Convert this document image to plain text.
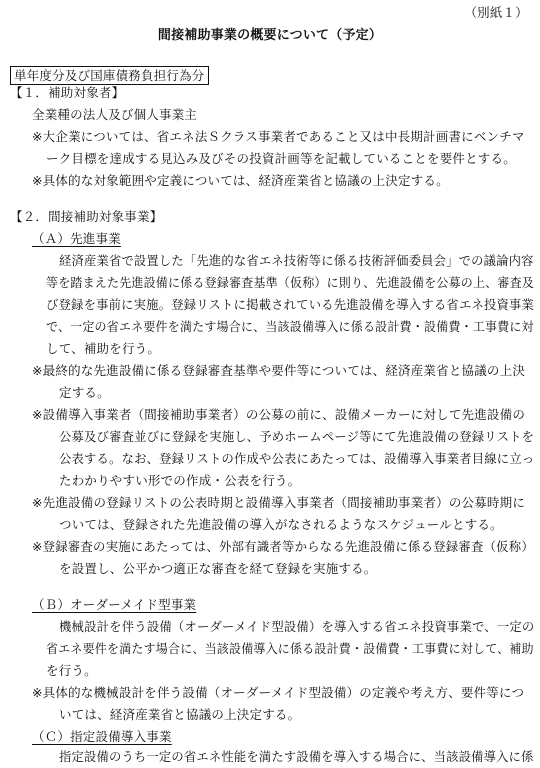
（別紙１）
間接補助事業の概要について（予定）
単年度分及び国庫債務負担行為分
【１．補助対象者】
全業種の法人及び個人事業主
※大企業については、省エネ法Ｓクラス事業者であること又は中長期計画書にベンチマ
ーク目標を達成する見込み及びその投資計画等を記載していることを要件とする。
※具体的な対象範囲や定義については、経済産業省と協議の上決定する。
【２．間接補助対象事業】
（Ａ）先進事業
経済産業省で設置した「先進的な省エネ技術等に係る技術評価委員会」での議論内容
等を踏まえた先進設備に係る登録審査基準（仮称）に則り、先進設備を公募の上、審査及
び登録を事前に実施。登録リストに掲載されている先進設備を導入する省エネ投資事業
で、一定の省エネ要件を満たす場合に、当該設備導入に係る設計費・設備費・工事費に対
して、補助を行う。
※最終的な先進設備に係る登録審査基準や要件等については、経済産業省と協議の上決
定する。
※設備導入事業者（間接補助事業者）の公募の前に、設備メーカーに対して先進設備の
公募及び審査並びに登録を実施し、予めホームページ等にて先進設備の登録リストを
公表する。なお、登録リストの作成や公表にあたっては、設備導入事業者目線に立っ
たわかりやすい形での作成・公表を行う。
※先進設備の登録リストの公表時期と設備導入事業者（間接補助事業者）の公募時期に
ついては、登録された先進設備の導入がなされるようなスケジュールとする。
※登録審査の実施にあたっては、外部有識者等からなる先進設備に係る登録審査（仮称）
を設置し、公平かつ適正な審査を経て登録を実施する。
（Ｂ）オーダーメイド型事業
機械設計を伴う設備（オーダーメイド型設備）を導入する省エネ投資事業で、一定の
省エネ要件を満たす場合に、当該設備導入に係る設計費・設備費・工事費に対して、補助
を行う。
※具体的な機械設計を伴う設備（オーダーメイド型設備）の定義や考え方、要件等につ
いては、経済産業省と協議の上決定する。
（Ｃ）指定設備導入事業
指定設備のうち一定の省エネ性能を満たす設備を導入する場合に、当該設備導入に係
